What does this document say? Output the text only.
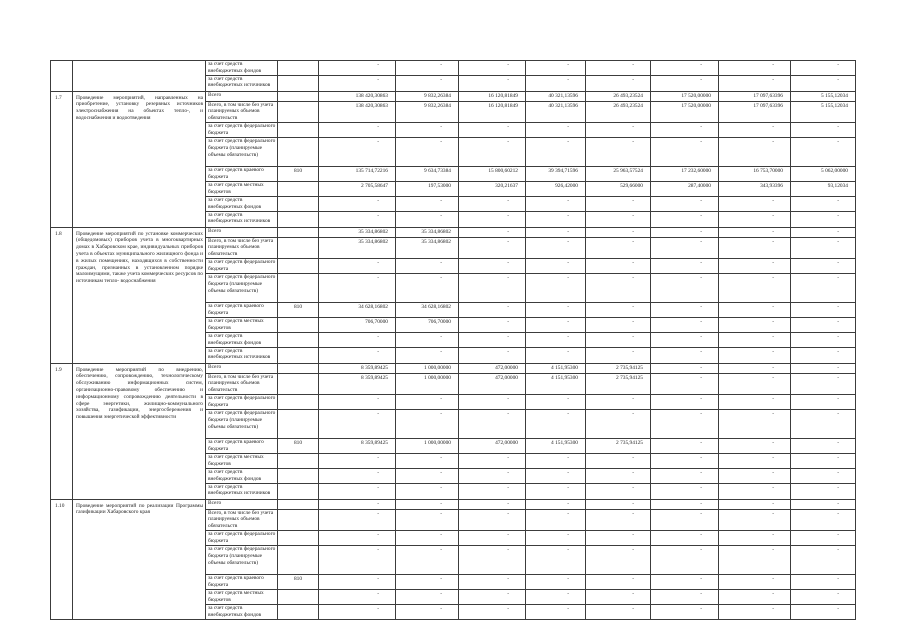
		за счет средств внебюджетных фондов		-	-	-	-	-	-	-	-
		за счет средств внебюджетных источников		-	-	-	-	-	-	-	-
1.7	Проведение мероприятий, направленных на приобретение, установку резервных источников электроснабжения на объектах тепло-, и водоснабжения и водоотведения	Всего		138 420,30863	9 832,26384	16 120,81849	40 321,13596	26 493,23524	17 520,00000	17 097,63396	5 155,12034
		Всего, в том числе без учета планируемых объемов обязательств		138 420,30863	9 832,26384	16 120,81849	40 321,13596	26 493,23524	17 520,00000	17 097,63396	5 155,12034
		за счет средств федерального бюджета		-	-	-	-	-	-	-	-
		за счет средств федерального бюджета (планируемые объемы обязательств)		-	-	-	-	-	-	-	-
		за счет средств краевого бюджета	810	135 714,72216	9 634,73384	15 800,60212	39 394,71596	25 963,57524	17 232,60000	16 753,70000	5 062,00000
		за счет средств местных бюджетов		2 705,58647	197,53000	320,21637	926,42000	529,66000	287,40000	343,93396	93,12034
		за счет средств внебюджетных фондов		-	-	-	-	-	-	-	-
		за счет средств внебюджетных источников		-	-	-	-	-	-	-	-
1.8	Проведение мероприятий по установке коммерческих (общедомовых) приборов учета в многоквартирных домах в Хабаровском крае, индивидуальных приборов учета в объектах муниципального жилищного фонда и в жилых помещениях, находящихся в собственности граждан, признанных в установленном порядке малоимущими, также учета коммерческих ресурсов по источникам тепло- водоснабжения	Всего		35 334,86802	35 334,86802	-	-	-	-	-	-
		Всего, в том числе без учета планируемых объемов обязательств		35 334,86802	35 334,86802	-	-	-	-	-	-
		за счет средств федерального бюджета		-	-	-	-	-	-	-	-
		за счет средств федерального бюджета (планируемые объемы обязательств)		-	-	-	-	-	-	-	-
		за счет средств краевого бюджета	810	34 628,16802	34 628,16802	-	-	-	-	-	-
		за счет средств местных бюджетов		706,70000	706,70000	-	-	-	-	-	-
		за счет средств внебюджетных фондов		-	-	-	-	-	-	-	-
		за счет средств внебюджетных источников		-	-	-	-	-	-	-	-
1.9	Проведение мероприятий по внедрению, обеспечению, сопровождению, технологическому обслуживанию информационных систем, организационно-правовому обеспечению и информационному сопровождению деятельности в сфере энергетики, жилищно-коммунального хозяйства, газификации, энергосбережения и повышения энергетической эффективности	Всего		8 359,89425	1 000,00000	472,00000	4 151,95300	2 735,94125	-	-	-
		Всего, в том числе без учета планируемых объемов обязательств		8 359,89425	1 000,00000	472,00000	4 151,95300	2 735,94125	-	-	-
		за счет средств федерального бюджета		-	-	-	-	-	-	-	-
		за счет средств федерального бюджета (планируемые объемы обязательств)		-	-	-	-	-	-	-	-
		за счет средств краевого бюджета	810	8 359,89425	1 000,00000	472,00000	4 151,95300	2 735,94125	-	-	-
		за счет средств местных бюджетов		-	-	-	-	-	-	-	-
		за счет средств внебюджетных фондов		-	-	-	-	-	-	-	-
		за счет средств внебюджетных источников		-	-	-	-	-	-	-	-
1.10	Проведение мероприятий по реализации Программы газификации Хабаровского края	Всего		-	-	-	-	-	-	-	-
		Всего, в том числе без учета планируемых объемов обязательств		-	-	-	-	-	-	-	-
		за счет средств федерального бюджета		-	-	-	-	-	-	-	-
		за счет средств федерального бюджета (планируемые объемы обязательств)		-	-	-	-	-	-	-	-
		за счет средств краевого бюджета	810	-	-	-	-	-	-	-	-
		за счет средств местных бюджетов		-	-	-	-	-	-	-	-
		за счет средств внебюджетных фондов		-	-	-	-	-	-	-	-
